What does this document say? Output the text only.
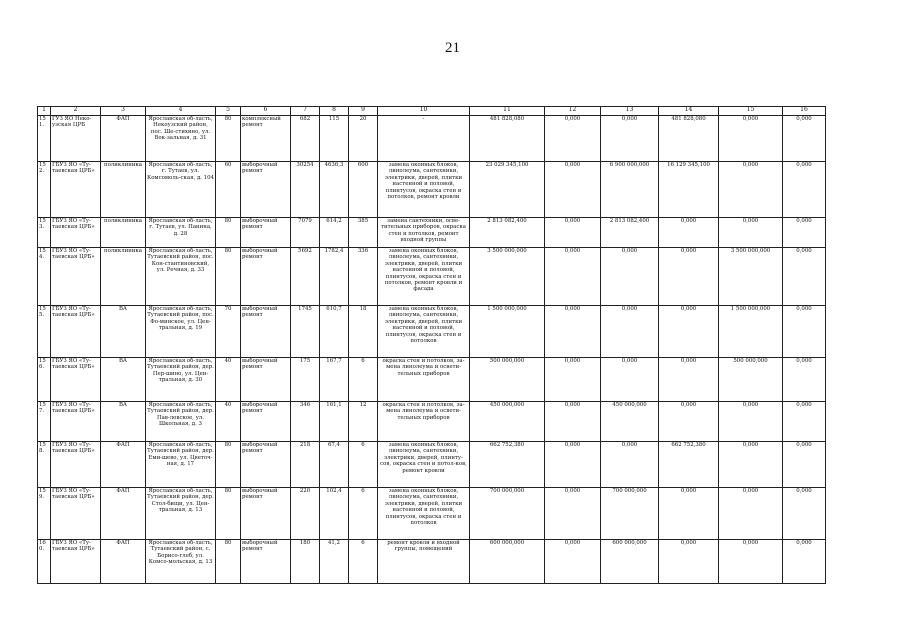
21
1	2	3	4	5	6	7	8	9	10	11	12	13	14	15	16
151.	ГУЗ ЯО Неко-узская ЦРБ	ФАП	Ярославская об-ласть, Некоузский район, пос. Ше-стихино, ул. Вок-зальная, д. 31	80	комплексный ремонт	682	115	20	-	481 828,080	0,000	0,000	481 828,080	0,000	0,000
152.	ГБУЗ ЯО «Ту-таевская ЦРБ»	поликлиника	Ярославская об-ласть, г. Тутаев, ул. Комсомоль-ская, д. 104	60	выборочный ремонт	30254	4636,3	600	замена оконных блоков, линолеума, сантехники, электрики, дверей, плитки настенной и половой, плинтусов, окраска стен и потолков, ремонт кровли	23 029 345,100	0,000	6 900 000,000	16 129 345,100	0,000	0,000
153.	ГБУЗ ЯО «Ту-таевская ЦРБ»	поликлиника	Ярославская об-ласть, г. Тутаев, ул. Панина, д. 28	80	выборочный ремонт	7079	614,2	385	замена сантехники, осве-тительных приборов, окраска стен и потолков, ремонт входной группы	2 813 082,400	0,000	2 813 082,400	0,000	0,000	0,000
154.	ГБУЗ ЯО «Ту-таевская ЦРБ»	поликлиника	Ярославская об-ласть, Тутаевский район, пос. Кон-стантиновский, ул. Речная, д. 33	80	выборочный ремонт	5692	1782,4	336	замена оконных блоков, линолеума, сантехники, электрики, дверей, плитки настенной и половой, плинтусов, окраска стен и потолков, ремонт кровли и фасада	3 500 000,000	0,000	0,000	0,000	3 500 000,000	0,000
155.	ГБУЗ ЯО «Ту-таевская ЦРБ»	ВА	Ярославская об-ласть, Тутаевский район, пос. Фо-минское, ул. Цен-тральная, д. 19	70	выборочный ремонт	1745	610,7	18	замена оконных блоков, линолеума, сантехники, электрики, дверей, плитки настенной и половой, плинтусов, окраска стен и потолков	1 500 000,000	0,000	0,000	0,000	1 500 000,000	0,000
156.	ГБУЗ ЯО «Ту-таевская ЦРБ»	ВА	Ярославская об-ласть, Тутаевский район, дер. Пер-шино, ул. Цен-тральная, д. 30	40	выборочный ремонт	175	167,7	6	окраска стен и потолков, за-мена линолеума и освети-тельных приборов	500 000,000	0,000	0,000	0,000	500 000,000	0,000
157.	ГБУЗ ЯО «Ту-таевская ЦРБ»	ВА	Ярославская об-ласть, Тутаевский район, дер. Пав-ловское, ул. Школьная, д. 3	40	выборочный ремонт	346	161,1	12	окраска стен и потолков, за-мена линолеума и освети-тельных приборов	450 000,000	0,000	450 000,000	0,000	0,000	0,000
158.	ГБУЗ ЯО «Ту-таевская ЦРБ»	ФАП	Ярославская об-ласть, Тутаевский район, дер. Еми-шево, ул. Цветоч-ная, д. 17	80	выборочный ремонт	218	67,4	6	замена оконных блоков, линолеума, сантехники, электрики, дверей, плинту-сов, окраска стен и потол-ков, ремонт кровли	662 752,380	0,000	0,000	662 752,380	0,000	0,000
159.	ГБУЗ ЯО «Ту-таевская ЦРБ»	ФАП	Ярославская об-ласть, Тутаевский район, дер. Стол-бищи, ул. Цен-тральная, д. 13	80	выборочный ремонт	220	102,4	6	замена оконных блоков, линолеума, сантехники, электрики, дверей, плитки настенной и половой, плинтусов, окраска стен и потолков	700 000,000	0,000	700 000,000	0,000	0,000	0,000
160.	ГБУЗ ЯО «Ту-таевская ЦРБ»	ФАП	Ярославская об-ласть, Тутаевский район, с. Борисо-глеб, ул. Комсо-мольская, д. 13	80	выборочный ремонт	180	41,2	6	ремонт кровли и входной группы, помещений	600 000,000	0,000	600 000,000	0,000	0,000	0,000
